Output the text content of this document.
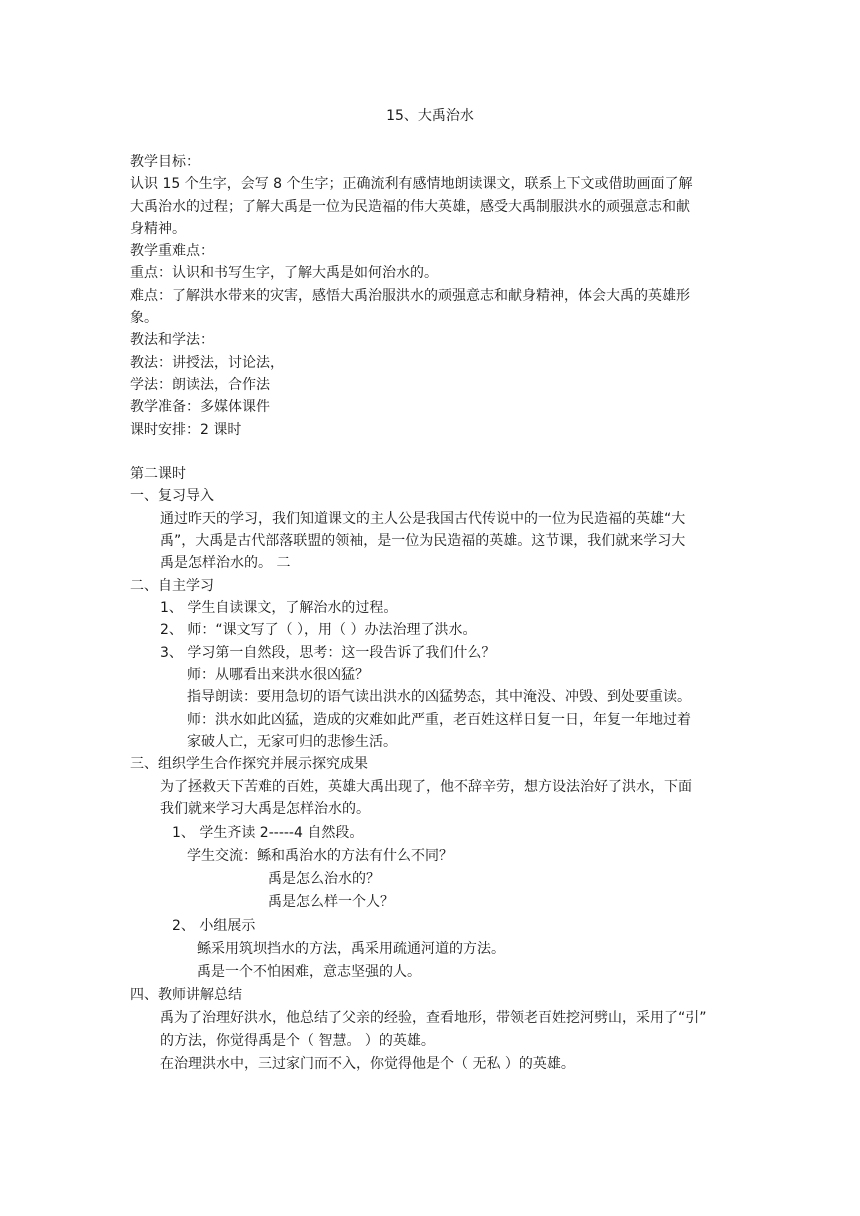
15、大禹治水
教学目标：
认识 15 个生字，会写 8 个生字；正确流利有感情地朗读课文，联系上下文或借助画面了解
大禹治水的过程；了解大禹是一位为民造福的伟大英雄，感受大禹制服洪水的顽强意志和献
身精神。
教学重难点：
重点：认识和书写生字，了解大禹是如何治水的。
难点：了解洪水带来的灾害，感悟大禹治服洪水的顽强意志和献身精神，体会大禹的英雄形
象。
教法和学法：
教法：讲授法，讨论法，
学法：朗读法，合作法
教学准备：多媒体课件
课时安排：2 课时
第二课时
一、复习导入
通过昨天的学习，我们知道课文的主人公是我国古代传说中的一位为民造福的英雄“大
禹”，大禹是古代部落联盟的领袖，是一位为民造福的英雄。这节课，我们就来学习大
禹是怎样治水的。 二
二、自主学习
1、 学生自读课文，了解治水的过程。
2、 师：“课文写了（ ），用（ ）办法治理了洪水。
3、 学习第一自然段，思考：这一段告诉了我们什么？
师：从哪看出来洪水很凶猛？
指导朗读：要用急切的语气读出洪水的凶猛势态，其中淹没、冲毁、到处要重读。
师：洪水如此凶猛，造成的灾难如此严重，老百姓这样日复一日，年复一年地过着
家破人亡，无家可归的悲惨生活。
三、组织学生合作探究并展示探究成果
为了拯救天下苦难的百姓，英雄大禹出现了，他不辞辛劳，想方设法治好了洪水，下面
我们就来学习大禹是怎样治水的。
1、 学生齐读 2-----4 自然段。
学生交流：鲧和禹治水的方法有什么不同？
禹是怎么治水的？
禹是怎么样一个人？
2、 小组展示
鲧采用筑坝挡水的方法，禹采用疏通河道的方法。
禹是一个不怕困难，意志坚强的人。
四、教师讲解总结
禹为了治理好洪水，他总结了父亲的经验，查看地形，带领老百姓挖河劈山，采用了“引”
的方法，你觉得禹是个（ 智慧。 ）的英雄。
在治理洪水中，三过家门而不入，你觉得他是个（ 无私 ）的英雄。
